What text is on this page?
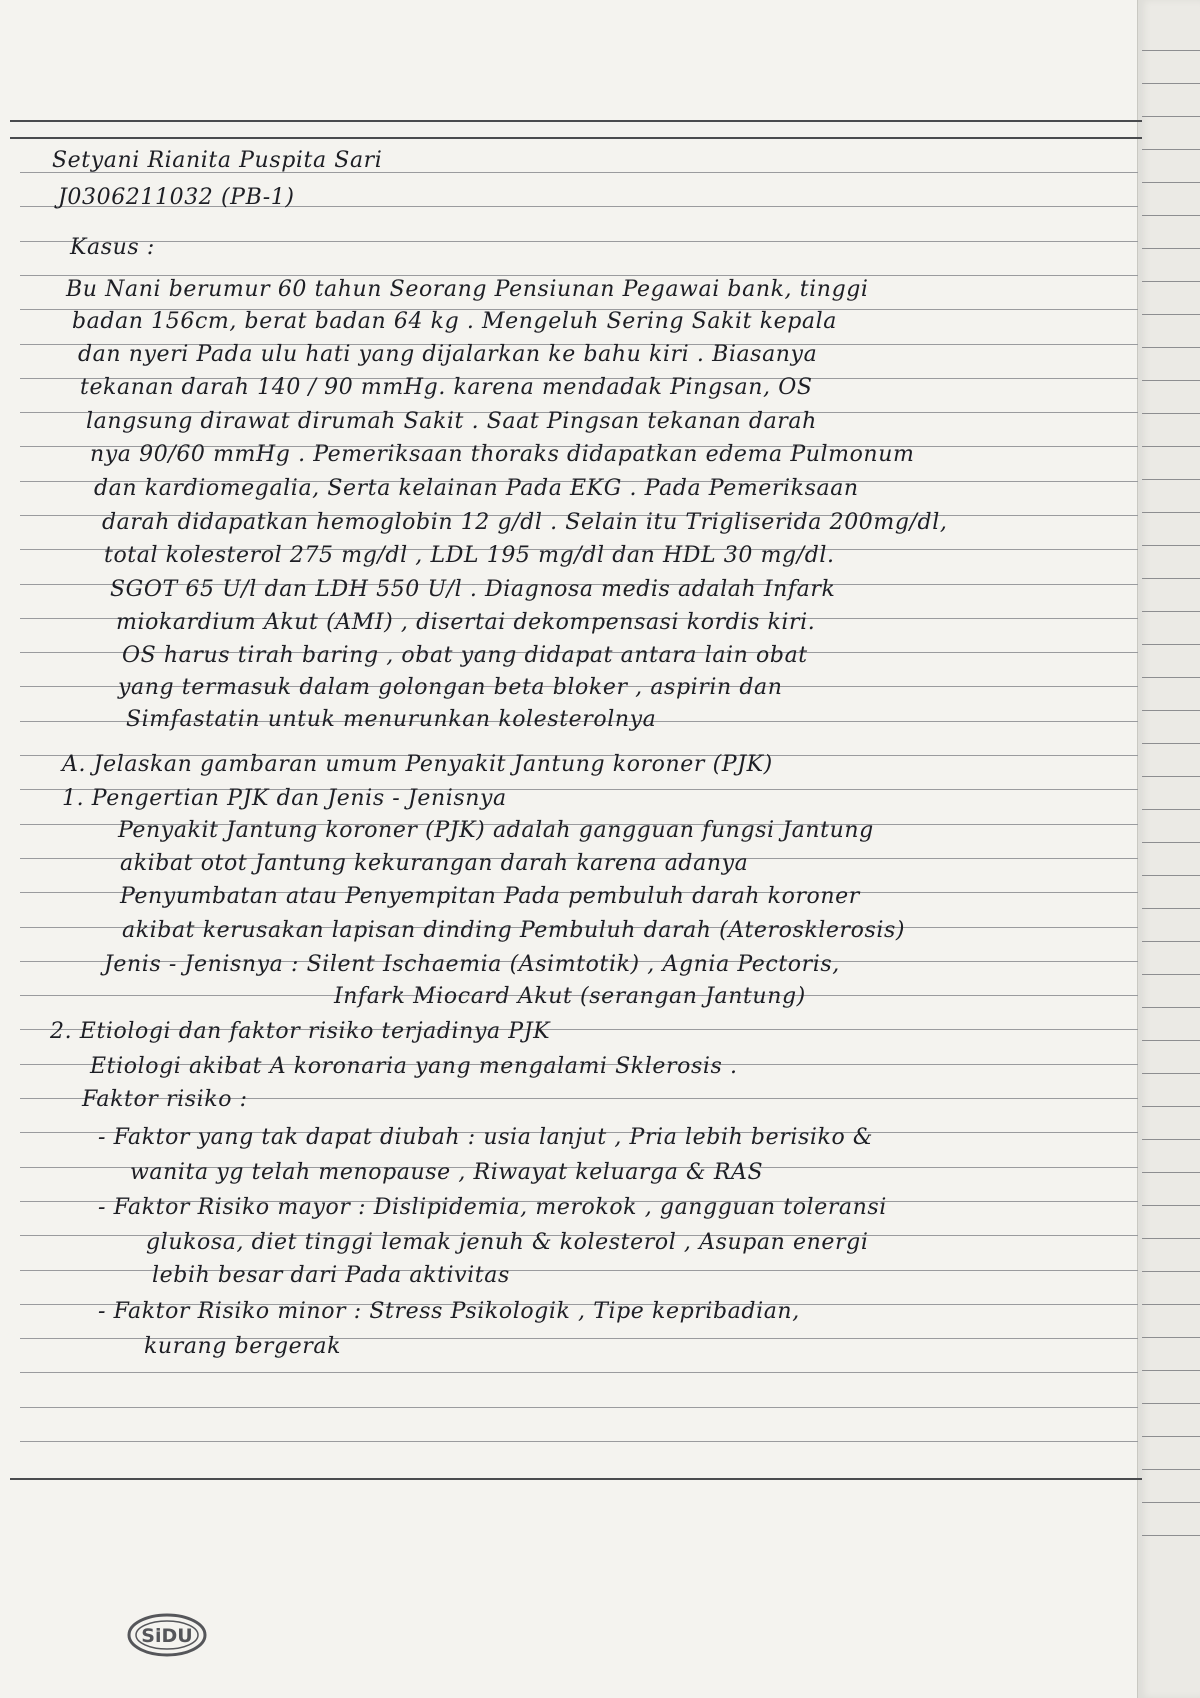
Setyani Rianita Puspita Sari
J0306211032 (PB-1)
Kasus :
Bu Nani berumur 60 tahun Seorang Pensiunan Pegawai bank, tinggi
badan 156cm, berat badan 64 kg . Mengeluh Sering Sakit kepala
dan nyeri Pada ulu hati yang dijalarkan ke bahu kiri . Biasanya
tekanan darah 140 / 90 mmHg. karena mendadak Pingsan, OS
langsung dirawat dirumah Sakit . Saat Pingsan tekanan darah
nya 90/60 mmHg . Pemeriksaan thoraks didapatkan edema Pulmonum
dan kardiomegalia, Serta kelainan Pada EKG . Pada Pemeriksaan
darah didapatkan hemoglobin 12 g/dl . Selain itu Trigliserida 200mg/dl,
total kolesterol 275 mg/dl , LDL 195 mg/dl dan HDL 30 mg/dl.
SGOT 65 U/l dan LDH 550 U/l . Diagnosa medis adalah Infark
miokardium Akut (AMI) , disertai dekompensasi kordis kiri.
OS harus tirah baring , obat yang didapat antara lain obat
yang termasuk dalam golongan beta bloker , aspirin dan
Simfastatin untuk menurunkan kolesterolnya
A. Jelaskan gambaran umum Penyakit Jantung koroner (PJK)
1. Pengertian PJK dan Jenis - Jenisnya
Penyakit Jantung koroner (PJK) adalah gangguan fungsi Jantung
akibat otot Jantung kekurangan darah karena adanya
Penyumbatan atau Penyempitan Pada pembuluh darah koroner
akibat kerusakan lapisan dinding Pembuluh darah (Aterosklerosis)
Jenis - Jenisnya : Silent Ischaemia (Asimtotik) , Agnia Pectoris,
Infark Miocard Akut (serangan Jantung)
2. Etiologi dan faktor risiko terjadinya PJK
Etiologi akibat A koronaria yang mengalami Sklerosis .
Faktor risiko :
- Faktor yang tak dapat diubah : usia lanjut , Pria lebih berisiko &
wanita yg telah menopause , Riwayat keluarga & RAS
- Faktor Risiko mayor : Dislipidemia, merokok , gangguan toleransi
glukosa, diet tinggi lemak jenuh & kolesterol , Asupan energi
lebih besar dari Pada aktivitas
- Faktor Risiko minor : Stress Psikologik , Tipe kepribadian,
kurang bergerak
SiDU
